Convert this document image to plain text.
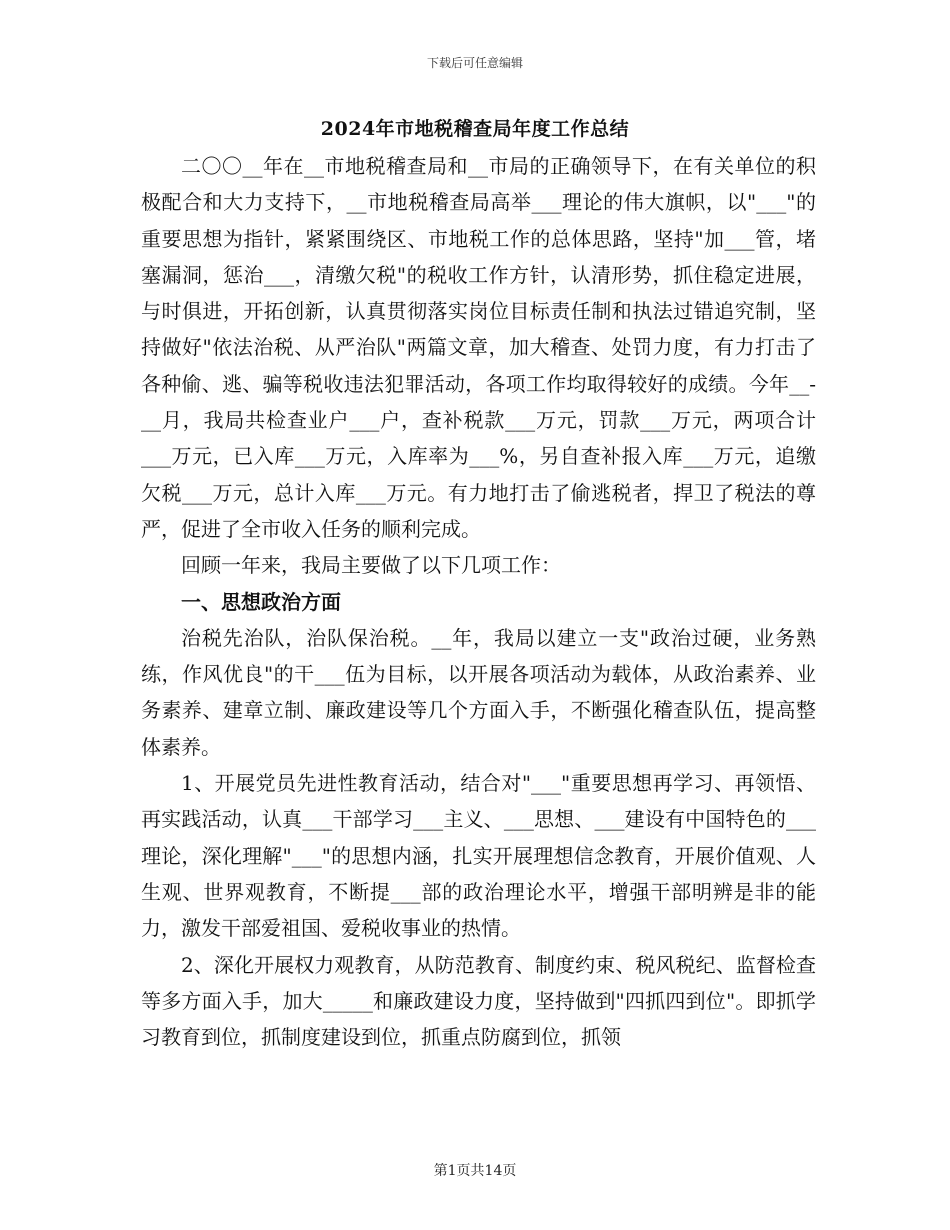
下载后可任意编辑
2024年市地税稽查局年度工作总结

二〇〇__年在__市地税稽查局和__市局的正确领导下，在有关单位的积极配合和大力支持下，__市地税稽查局高举___理论的伟大旗帜，以"___"的重要思想为指针，紧紧围绕区、市地税工作的总体思路，坚持"加___管，堵塞漏洞，惩治___，清缴欠税"的税收工作方针，认清形势，抓住稳定进展，与时俱进，开拓创新，认真贯彻落实岗位目标责任制和执法过错追究制，坚持做好"依法治税、从严治队"两篇文章，加大稽查、处罚力度，有力打击了各种偷、逃、骗等税收违法犯罪活动，各项工作均取得较好的成绩。今年__-__月，我局共检查业户___户，查补税款___万元，罚款___万元，两项合计___万元，已入库___万元，入库率为___%，另自查补报入库___万元，追缴欠税___万元，总计入库___万元。有力地打击了偷逃税者，捍卫了税法的尊严，促进了全市收入任务的顺利完成。

回顾一年来，我局主要做了以下几项工作：

一、思想政治方面

治税先治队，治队保治税。__年，我局以建立一支"政治过硬，业务熟练，作风优良"的干___伍为目标，以开展各项活动为载体，从政治素养、业务素养、建章立制、廉政建设等几个方面入手，不断强化稽查队伍，提高整体素养。

1、开展党员先进性教育活动，结合对"___"重要思想再学习、再领悟、再实践活动，认真___干部学习___主义、___思想、___建设有中国特色的___理论，深化理解"___"的思想内涵，扎实开展理想信念教育，开展价值观、人生观、世界观教育，不断提___部的政治理论水平，增强干部明辨是非的能力，激发干部爱祖国、爱税收事业的热情。

2、深化开展权力观教育，从防范教育、制度约束、税风税纪、监督检查等多方面入手，加大_____和廉政建设力度，坚持做到"四抓四到位"。即抓学习教育到位，抓制度建设到位，抓重点防腐到位，抓领

第1页共14页
